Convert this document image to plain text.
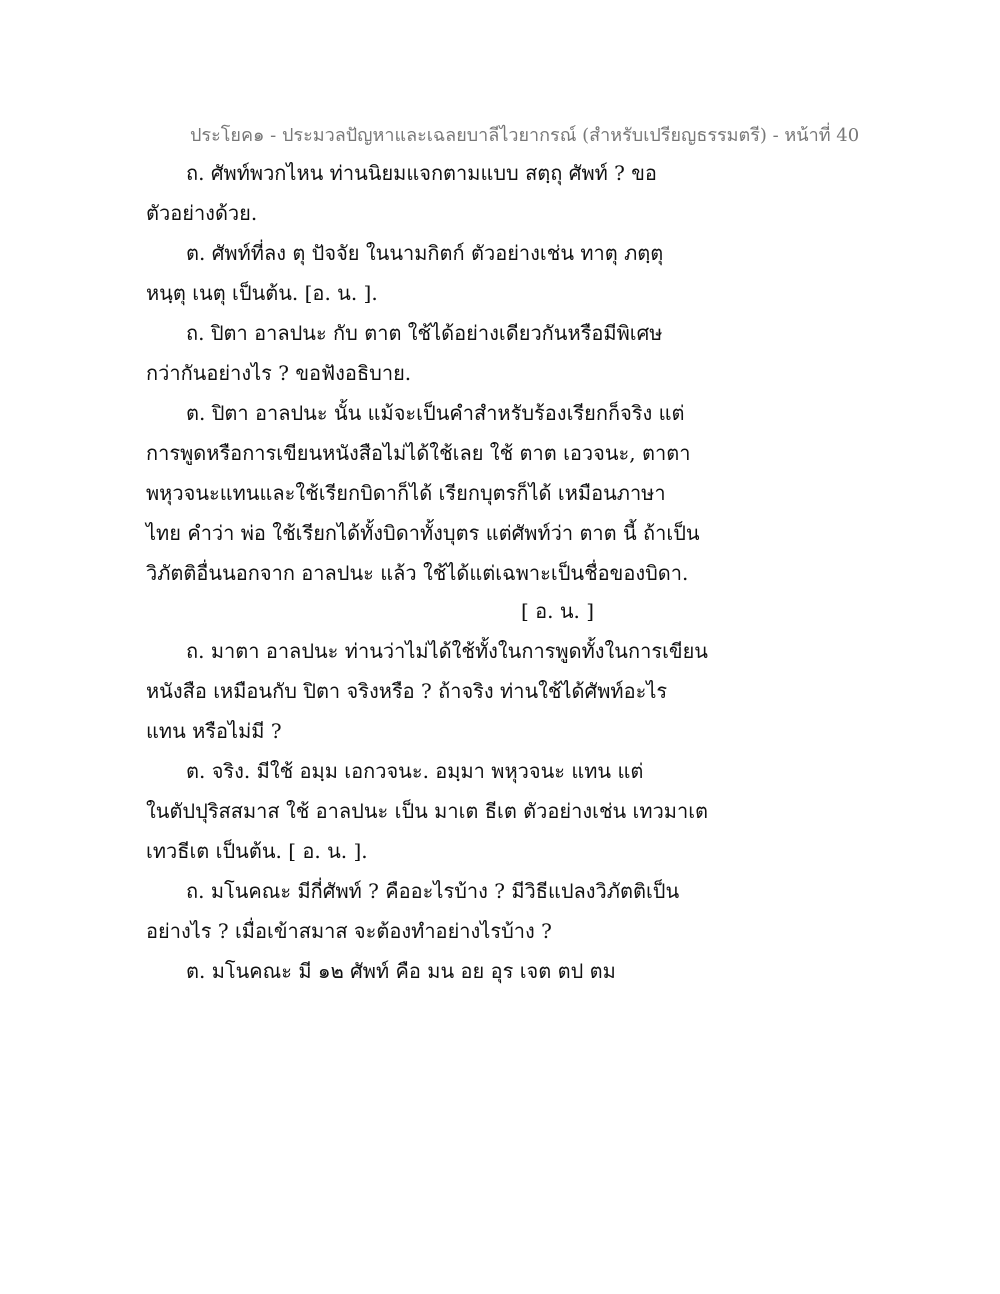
ประโยค๑ - ประมวลปัญหาและเฉลยบาลีไวยากรณ์ (สำหรับเปรียญธรรมตรี) - หน้าที่ 40
ถ. ศัพท์พวกไหน ท่านนิยมแจกตามแบบ สตฺถุ ศัพท์ ? ขอ
ตัวอย่างด้วย.
ต. ศัพท์ที่ลง ตุ ปัจจัย ในนามกิตก์ ตัวอย่างเช่น ทาตุ ภตฺตุ
หนฺตุ เนตุ เป็นต้น. [อ. น. ].
ถ. ปิตา อาลปนะ กับ ตาต ใช้ได้อย่างเดียวกันหรือมีพิเศษ
กว่ากันอย่างไร ? ขอฟังอธิบาย.
ต. ปิตา อาลปนะ นั้น แม้จะเป็นคำสำหรับร้องเรียกก็จริง แต่
การพูดหรือการเขียนหนังสือไม่ได้ใช้เลย ใช้ ตาต เอวจนะ, ตาตา
พหุวจนะแทนและใช้เรียกบิดาก็ได้ เรียกบุตรก็ได้ เหมือนภาษา
ไทย คำว่า พ่อ ใช้เรียกได้ทั้งบิดาทั้งบุตร แต่ศัพท์ว่า ตาต นี้ ถ้าเป็น
วิภัตติอื่นนอกจาก อาลปนะ แล้ว ใช้ได้แต่เฉพาะเป็นชื่อของบิดา.
[ อ. น. ]
ถ. มาตา อาลปนะ ท่านว่าไม่ได้ใช้ทั้งในการพูดทั้งในการเขียน
หนังสือ เหมือนกับ ปิตา จริงหรือ ? ถ้าจริง ท่านใช้ได้ศัพท์อะไร
แทน หรือไม่มี ?
ต. จริง. มีใช้ อมฺม เอกวจนะ. อมฺมา พหุวจนะ แทน แต่
ในตัปปุริสสมาส ใช้ อาลปนะ เป็น มาเต ธีเต ตัวอย่างเช่น เทวมาเต
เทวธีเต เป็นต้น. [ อ. น. ].
ถ. มโนคณะ มีกี่ศัพท์ ? คืออะไรบ้าง ? มีวิธีแปลงวิภัตติเป็น
อย่างไร ? เมื่อเข้าสมาส จะต้องทำอย่างไรบ้าง ?
ต. มโนคณะ มี ๑๒ ศัพท์ คือ มน อย อุร เจต ตป ตม
